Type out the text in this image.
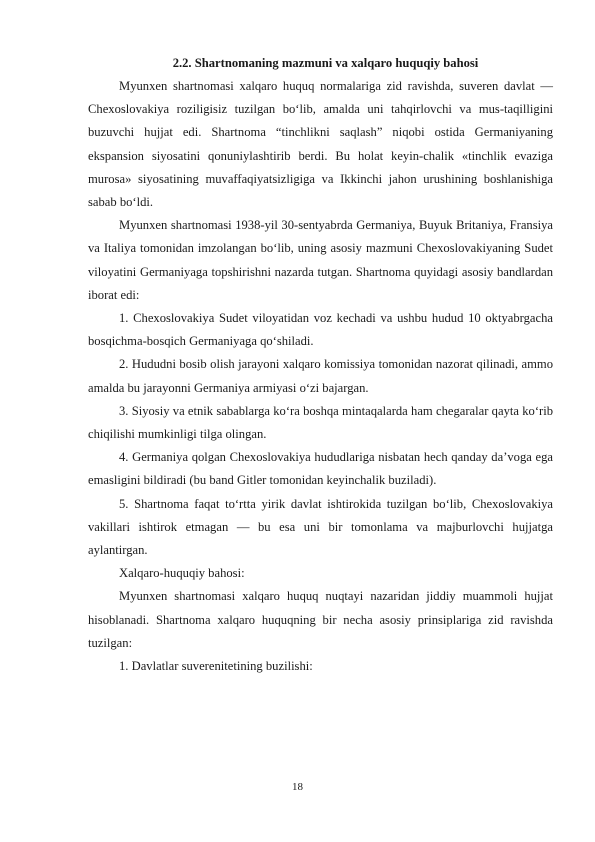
2.2. Shartnomaning mazmuni va xalqaro huquqiy bahosi

Myunxen shartnomasi xalqaro huquq normalariga zid ravishda, suveren davlat — Chexoslovakiya roziligisiz tuzilgan bo‘lib, amalda uni tahqirlovchi va mus-taqilligini buzuvchi hujjat edi. Shartnoma “tinchlikni saqlash” niqobi ostida Germaniyaning ekspansion siyosatini qonuniylashtirib berdi. Bu holat keyin-chalik «tinchlik evaziga murosa» siyosatining muvaffaqiyatsizligiga va Ikkinchi jahon urushining boshlanishiga sabab bo‘ldi.

Myunxen shartnomasi 1938-yil 30-sentyabrda Germaniya, Buyuk Britaniya, Fransiya va Italiya tomonidan imzolangan bo‘lib, uning asosiy mazmuni Chexoslovakiyaning Sudet viloyatini Germaniyaga topshirishni nazarda tutgan. Shartnoma quyidagi asosiy bandlardan iborat edi:

1. Chexoslovakiya Sudet viloyatidan voz kechadi va ushbu hudud 10 oktyabrgacha bosqichma-bosqich Germaniyaga qo‘shiladi.

2. Hududni bosib olish jarayoni xalqaro komissiya tomonidan nazorat qilinadi, ammo amalda bu jarayonni Germaniya armiyasi o‘zi bajargan.

3. Siyosiy va etnik sabablarga ko‘ra boshqa mintaqalarda ham chegaralar qayta ko‘rib chiqilishi mumkinligi tilga olingan.

4. Germaniya qolgan Chexoslovakiya hududlariga nisbatan hech qanday da’voga ega emasligini bildiradi (bu band Gitler tomonidan keyinchalik buziladi).

5. Shartnoma faqat to‘rtta yirik davlat ishtirokida tuzilgan bo‘lib, Chexoslovakiya vakillari ishtirok etmagan — bu esa uni bir tomonlama va majburlovchi hujjatga aylantirgan.

Xalqaro-huquqiy bahosi:

Myunxen shartnomasi xalqaro huquq nuqtayi nazaridan jiddiy muammoli hujjat hisoblanadi. Shartnoma xalqaro huquqning bir necha asosiy prinsiplariga zid ravishda tuzilgan:

1. Davlatlar suverenitetining buzilishi:

18
